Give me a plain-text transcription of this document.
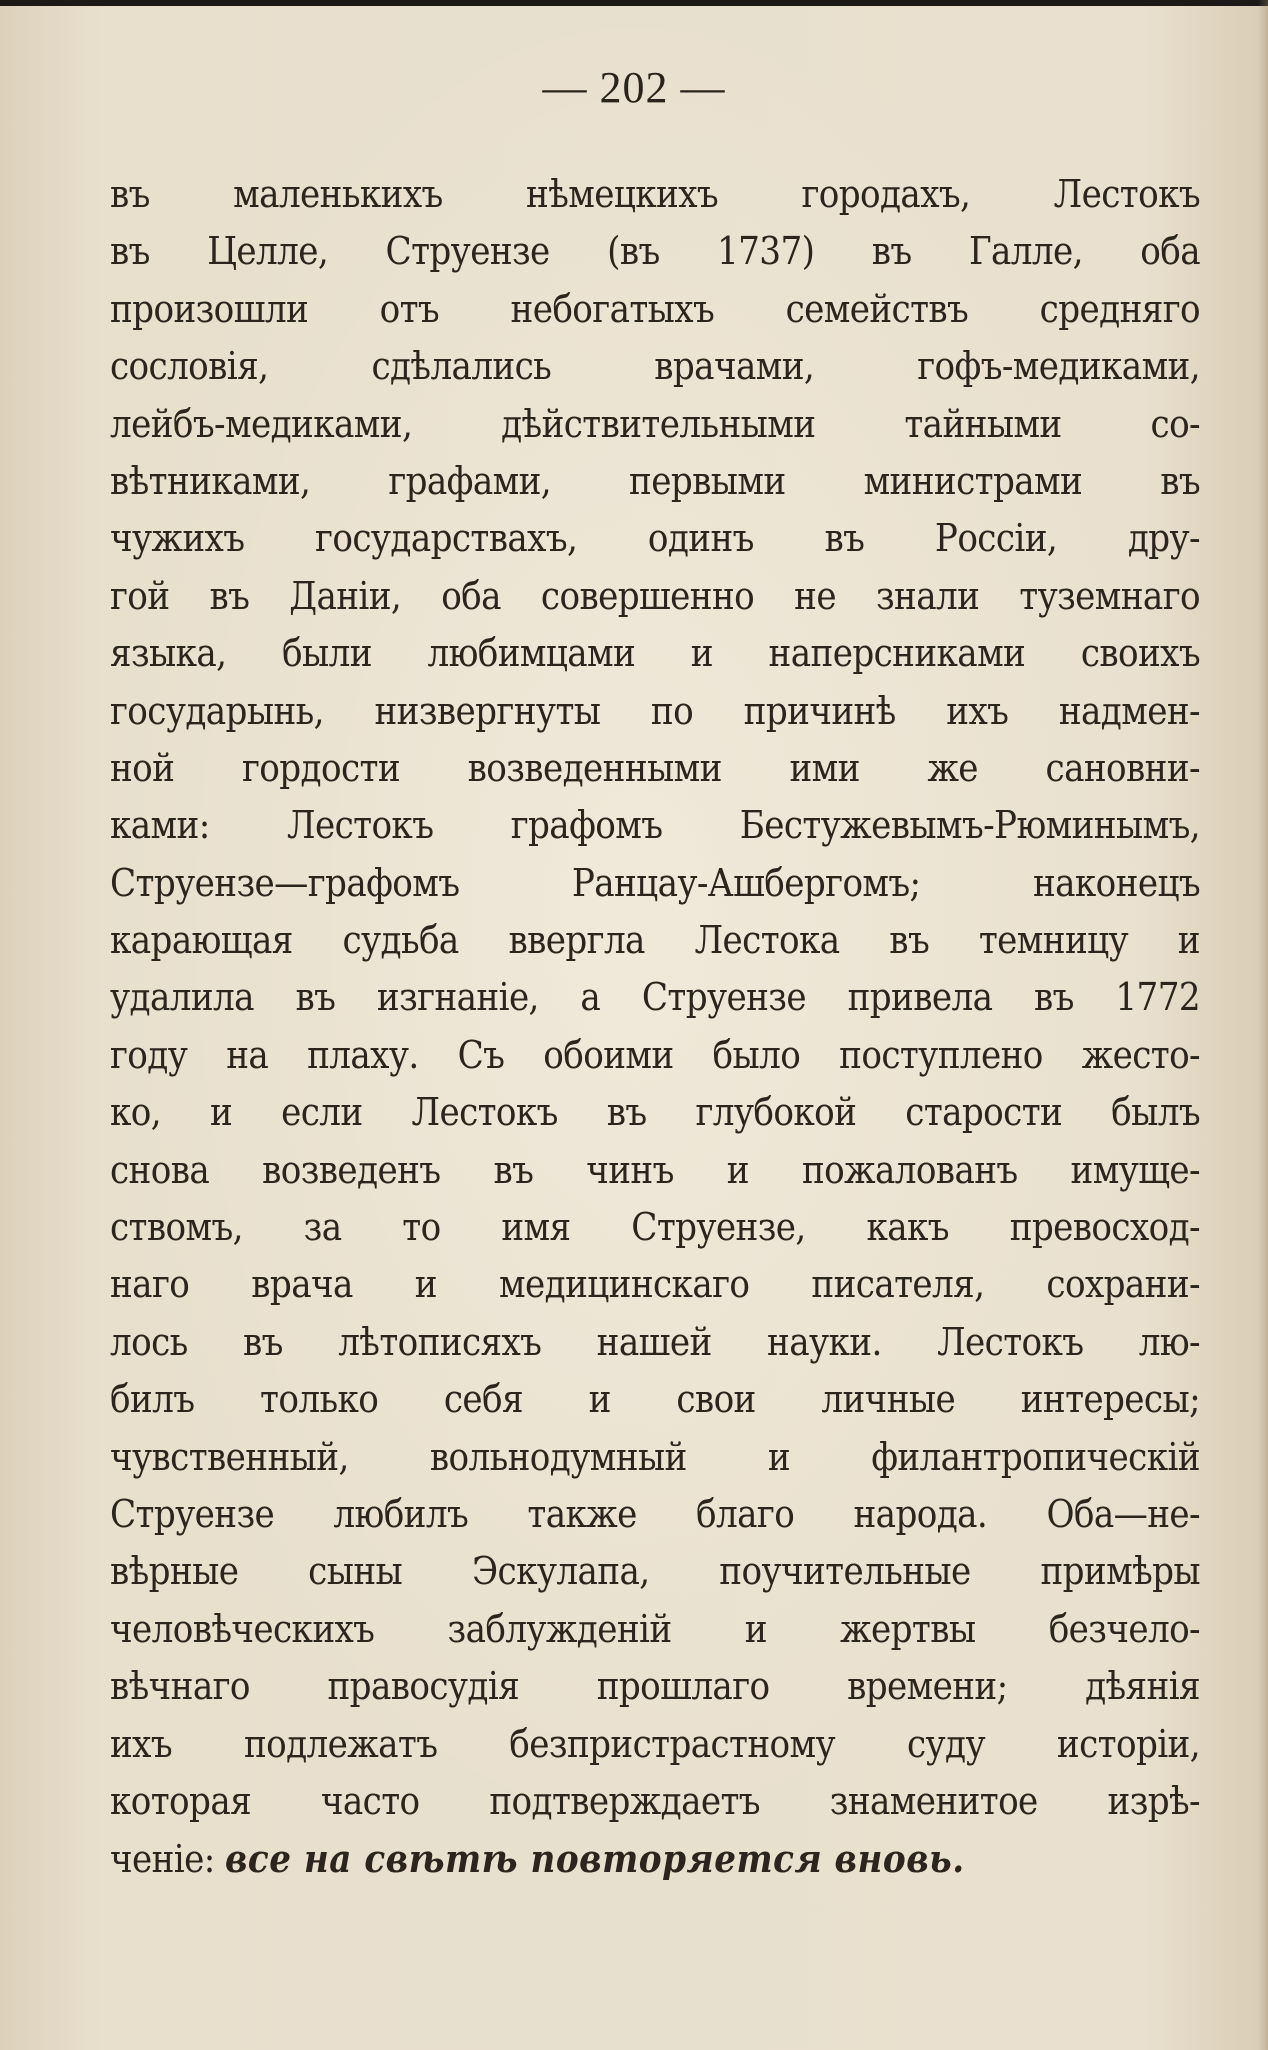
— 202 —
въ маленькихъ нѣмецкихъ городахъ, Лестокъ
въ Целле, Струензе (въ 1737) въ Галле, оба
произошли отъ небогатыхъ семействъ средняго
сословія, сдѣлались врачами, гофъ-медиками,
лейбъ-медиками, дѣйствительными тайными со-
вѣтниками, графами, первыми министрами въ
чужихъ государствахъ, одинъ въ Россіи, дру-
гой въ Даніи, оба совершенно не знали туземнаго
языка, были любимцами и наперсниками своихъ
государынь, низвергнуты по причинѣ ихъ надмен-
ной гордости возведенными ими же сановни-
ками: Лестокъ графомъ Бестужевымъ-Рюминымъ,
Струензе—графомъ Ранцау-Ашбергомъ; наконецъ
карающая судьба ввергла Лестока въ темницу и
удалила въ изгнаніе, а Струензе привела въ 1772
году на плаху. Съ обоими было поступлено жесто-
ко, и если Лестокъ въ глубокой старости былъ
снова возведенъ въ чинъ и пожалованъ имуще-
ствомъ, за то имя Струензе, какъ превосход-
наго врача и медицинскаго писателя, сохрани-
лось въ лѣтописяхъ нашей науки. Лестокъ лю-
билъ только себя и свои личные интересы;
чувственный, вольнодумный и филантропическій
Струензе любилъ также благо народа. Оба—не-
вѣрные сыны Эскулапа, поучительные примѣры
человѣческихъ заблужденій и жертвы безчело-
вѣчнаго правосудія прошлаго времени; дѣянія
ихъ подлежатъ безпристрастному суду исторіи,
которая часто подтверждаетъ знаменитое изрѣ-
ченіе: все на свѣтѣ повторяется вновь.
